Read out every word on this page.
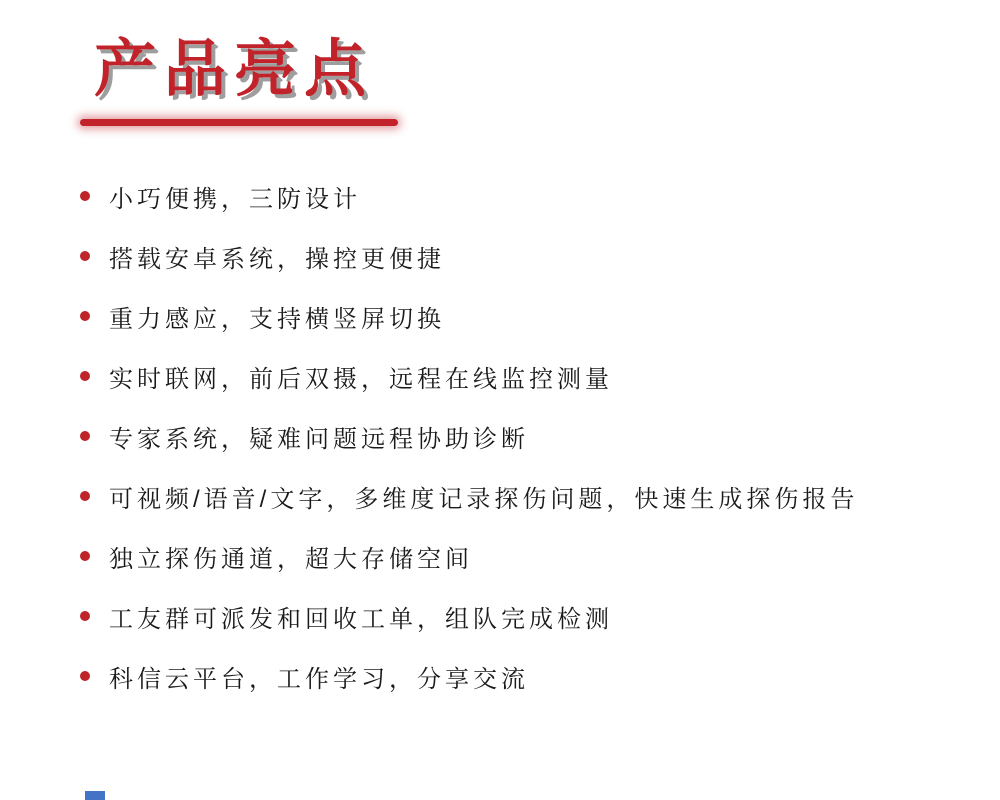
产品亮点
小巧便携，三防设计
搭载安卓系统，操控更便捷
重力感应，支持横竖屏切换
实时联网，前后双摄，远程在线监控测量
专家系统，疑难问题远程协助诊断
可视频/语音/文字，多维度记录探伤问题，快速生成探伤报告
独立探伤通道，超大存储空间
工友群可派发和回收工单，组队完成检测
科信云平台，工作学习，分享交流
